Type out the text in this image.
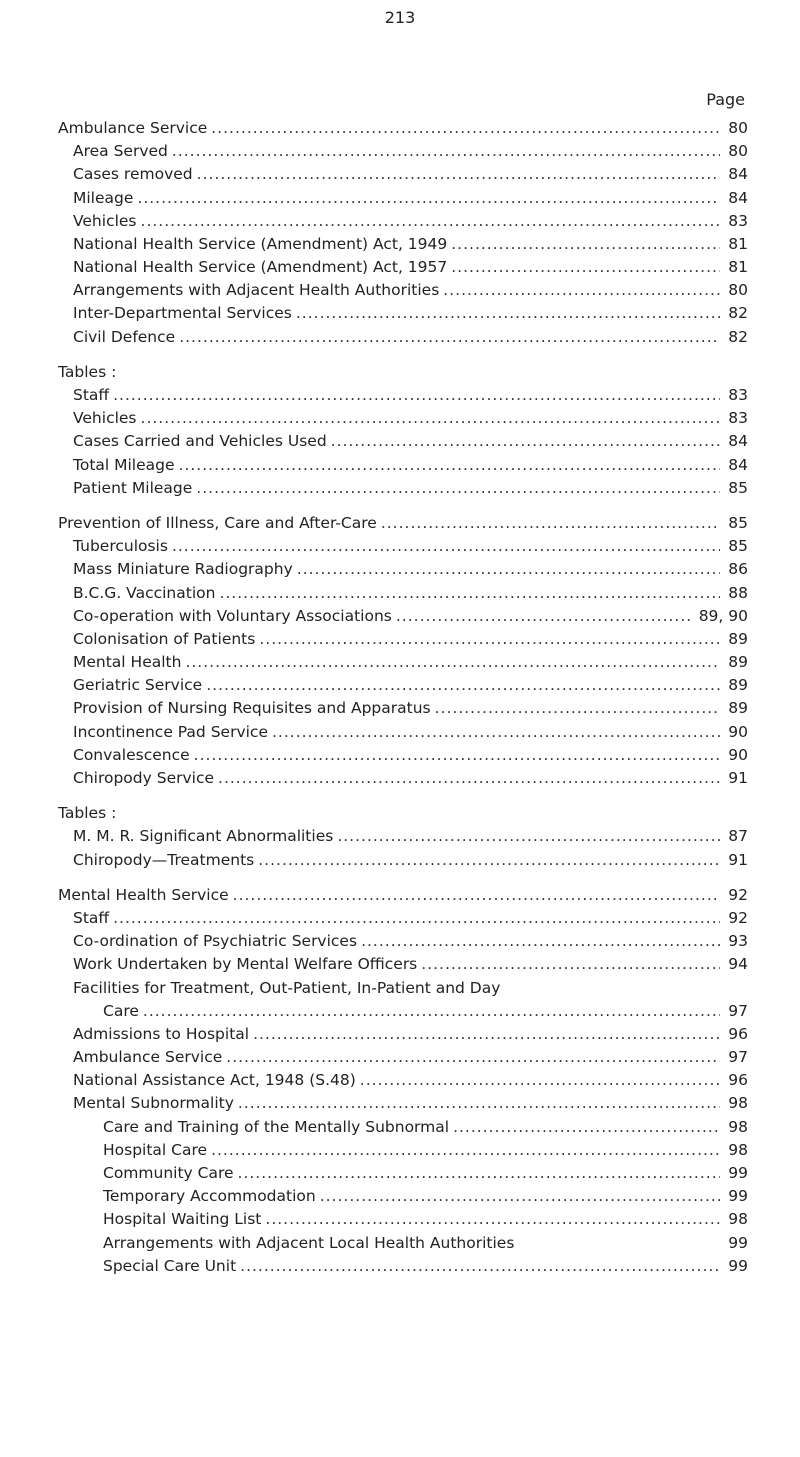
213
Page
Ambulance Service .....	80
Area Served .....	80
Cases removed .....	84
Mileage .....	84
Vehicles .....	83
National Health Service (Amendment) Act, 1949 .....	81
National Health Service (Amendment) Act, 1957 .....	81
Arrangements with Adjacent Health Authorities .....	80
Inter-Departmental Services .....	82
Civil Defence .....	82
Tables :
Staff .....	83
Vehicles .....	83
Cases Carried and Vehicles Used .....	84
Total Mileage .....	84
Patient Mileage .....	85
Prevention of Illness, Care and After-Care .....	85
Tuberculosis .....	85
Mass Miniature Radiography .....	86
B.C.G. Vaccination .....	88
Co-operation with Voluntary Associations .....	89, 90
Colonisation of Patients .....	89
Mental Health .....	89
Geriatric Service .....	89
Provision of Nursing Requisites and Apparatus .....	89
Incontinence Pad Service .....	90
Convalescence .....	90
Chiropody Service .....	91
Tables :
M. M. R. Significant Abnormalities .....	87
Chiropody—Treatments .....	91
Mental Health Service .....	92
Staff .....	92
Co-ordination of Psychiatric Services .....	93
Work Undertaken by Mental Welfare Officers .....	94
Facilities for Treatment, Out-Patient, In-Patient and Day
Care .....	97
Admissions to Hospital .....	96
Ambulance Service .....	97
National Assistance Act, 1948 (S.48) .....	96
Mental Subnormality .....	98
Care and Training of the Mentally Subnormal .....	98
Hospital Care .....	98
Community Care .....	99
Temporary Accommodation .....	99
Hospital Waiting List .....	98
Arrangements with Adjacent Local Health Authorities	99
Special Care Unit .....	99
